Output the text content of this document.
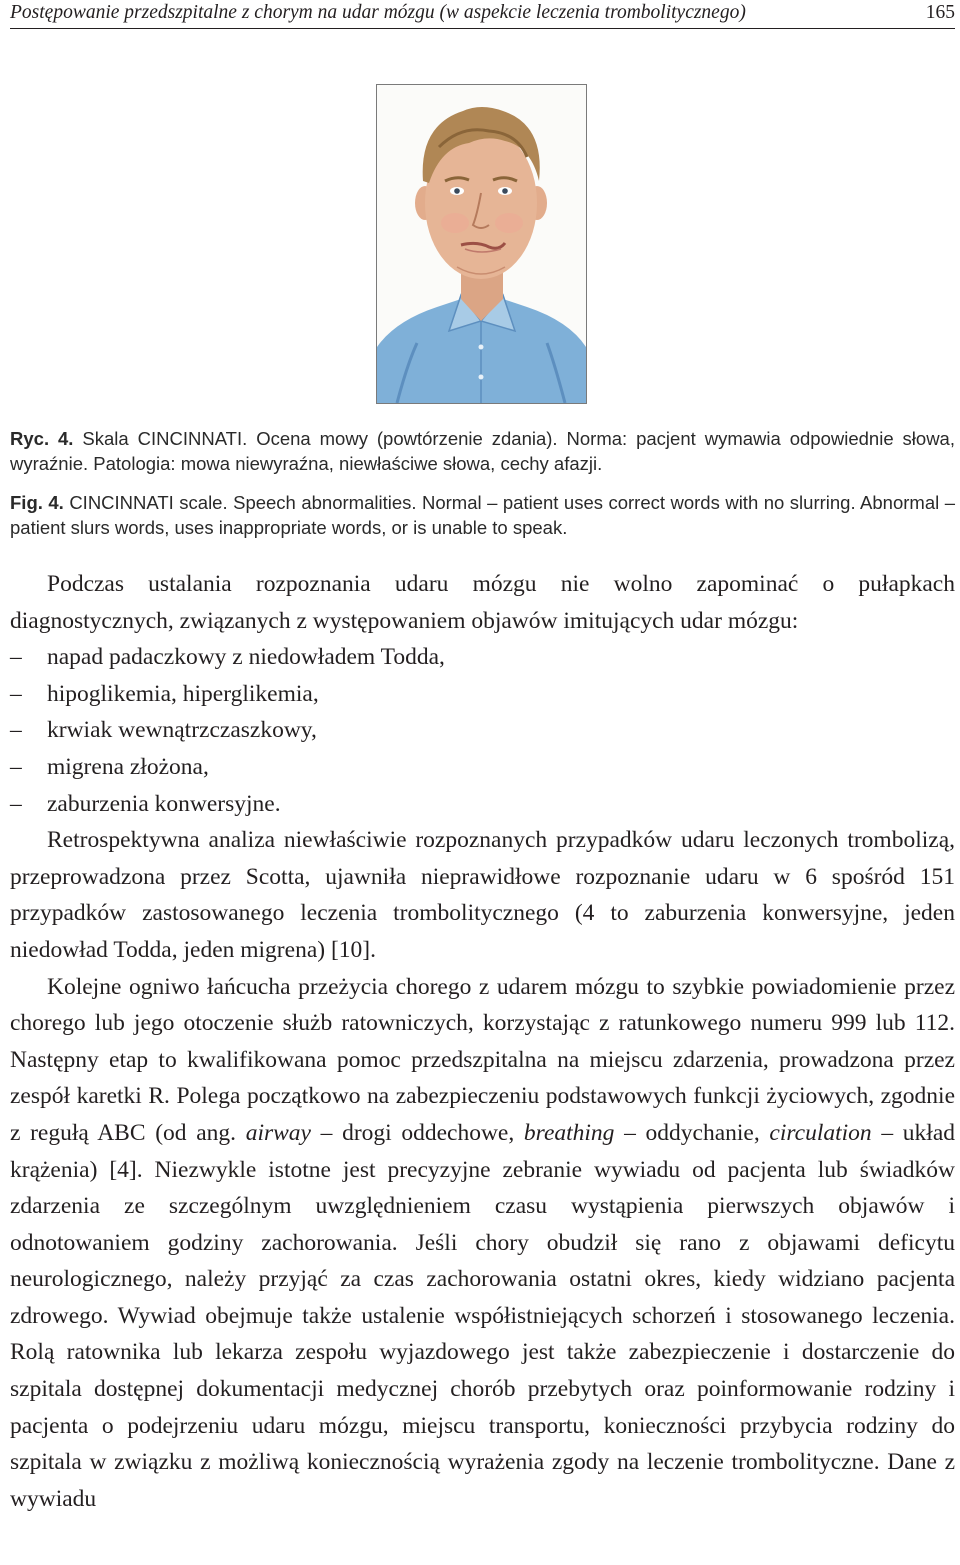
Postępowanie przedszpitalne z chorym na udar mózgu (w aspekcie leczenia trombolitycznego)	165
Ryc. 4. Skala CINCINNATI. Ocena mowy (powtórzenie zdania). Norma: pacjent wymawia odpowiednie słowa, wyraźnie. Patologia: mowa niewyraźna, niewłaściwe słowa, cechy afazji.
Fig. 4. CINCINNATI scale. Speech abnormalities. Normal – patient uses correct words with no slurring. Abnormal – patient slurs words, uses inappropriate words, or is unable to speak.

Podczas ustalania rozpoznania udaru mózgu nie wolno zapominać o pułapkach diagnostycznych, związanych z występowaniem objawów imitujących udar mózgu:

– napad padaczkowy z niedowładem Todda,
– hipoglikemia, hiperglikemia,
– krwiak wewnątrzczaszkowy,
– migrena złożona,
– zaburzenia konwersyjne.

Retrospektywna analiza niewłaściwie rozpoznanych przypadków udaru leczonych trombolizą, przeprowadzona przez Scotta, ujawniła nieprawidłowe rozpoznanie udaru w 6 spośród 151 przypadków zastosowanego leczenia trombolitycznego (4 to zaburzenia konwersyjne, jeden niedowład Todda, jeden migrena) [10].

Kolejne ogniwo łańcucha przeżycia chorego z udarem mózgu to szybkie powiadomienie przez chorego lub jego otoczenie służb ratowniczych, korzystając z ratunkowego numeru 999 lub 112. Następny etap to kwalifikowana pomoc przedszpitalna na miejscu zdarzenia, prowadzona przez zespół karetki R. Polega początkowo na zabezpieczeniu podstawowych funkcji życiowych, zgodnie z regułą ABC (od ang. airway – drogi oddechowe, breathing – oddychanie, circulation – układ krążenia) [4]. Niezwykle istotne jest precyzyjne zebranie wywiadu od pacjenta lub świadków zdarzenia ze szczególnym uwzględnieniem czasu wystąpienia pierwszych objawów i odnotowaniem godziny zachorowania. Jeśli chory obudził się rano z objawami deficytu neurologicznego, należy przyjąć za czas zachorowania ostatni okres, kiedy widziano pacjenta zdrowego. Wywiad obejmuje także ustalenie współistniejących schorzeń i stosowanego leczenia. Rolą ratownika lub lekarza zespołu wyjazdowego jest także zabezpieczenie i dostarczenie do szpitala dostępnej dokumentacji medycznej chorób przebytych oraz poinformowanie rodziny i pacjenta o podejrzeniu udaru mózgu, miejscu transportu, konieczności przybycia rodziny do szpitala w związku z możliwą koniecznością wyrażenia zgody na leczenie trombolityczne. Dane z wywiadu
